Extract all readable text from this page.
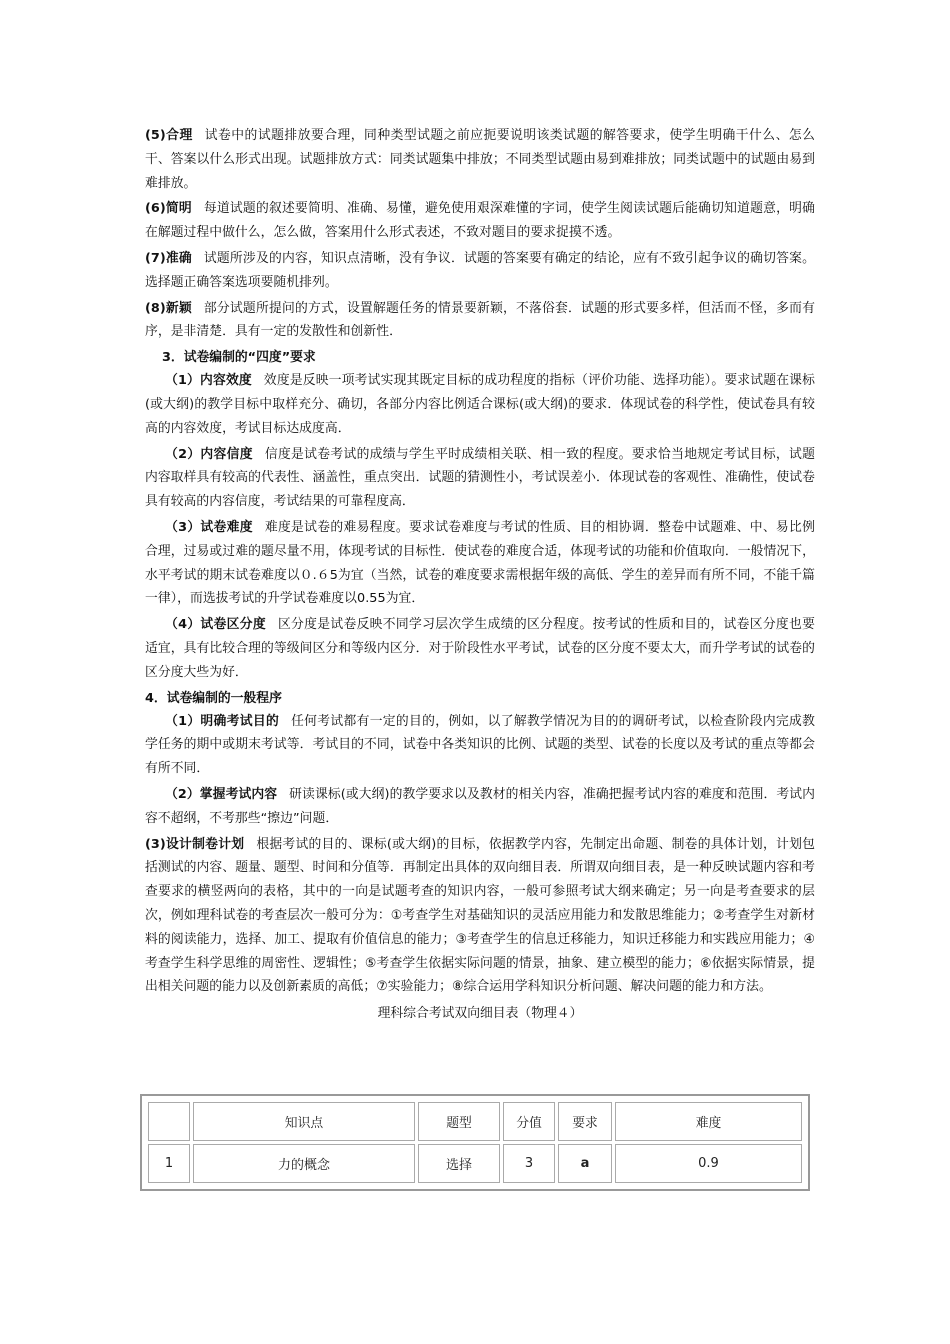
(5)合理 试卷中的试题排放要合理，同种类型试题之前应扼要说明该类试题的解答要求，使学生明确干什么、怎么干、答案以什么形式出现。试题排放方式：同类试题集中排放；不同类型试题由易到难排放；同类试题中的试题由易到难排放。

(6)简明 每道试题的叙述要简明、准确、易懂，避免使用艰深难懂的字词，使学生阅读试题后能确切知道题意，明确在解题过程中做什么，怎么做，答案用什么形式表述，不致对题目的要求捉摸不透。

(7)准确 试题所涉及的内容，知识点清晰，没有争议．试题的答案要有确定的结论，应有不致引起争议的确切答案。选择题正确答案选项要随机排列。

(8)新颖 部分试题所提问的方式，设置解题任务的情景要新颖，不落俗套．试题的形式要多样，但活而不怪，多而有序，是非清楚．具有一定的发散性和创新性．

3．试卷编制的“四度”要求

（1）内容效度 效度是反映一项考试实现其既定目标的成功程度的指标（评价功能、选择功能）。要求试题在课标(或大纲)的教学目标中取样充分、确切，各部分内容比例适合课标(或大纲)的要求．体现试卷的科学性，使试卷具有较高的内容效度，考试目标达成度高．

（2）内容信度 信度是试卷考试的成绩与学生平时成绩相关联、相一致的程度。要求恰当地规定考试目标，试题内容取样具有较高的代表性、涵盖性，重点突出．试题的猜测性小，考试误差小．体现试卷的客观性、准确性，使试卷具有较高的内容信度，考试结果的可靠程度高．

（3）试卷难度 难度是试卷的难易程度。要求试卷难度与考试的性质、目的相协调．整卷中试题难、中、易比例合理，过易或过难的题尽量不用，体现考试的目标性．使试卷的难度合适，体现考试的功能和价值取向．一般情况下，水平考试的期末试卷难度以０.６5为宜（当然，试卷的难度要求需根据年级的高低、学生的差异而有所不同，不能千篇一律），而选拔考试的升学试卷难度以0.55为宜．

（4）试卷区分度 区分度是试卷反映不同学习层次学生成绩的区分程度。按考试的性质和目的，试卷区分度也要适宜，具有比较合理的等级间区分和等级内区分．对于阶段性水平考试，试卷的区分度不要太大，而升学考试的试卷的区分度大些为好．

4．试卷编制的一般程序

（1）明确考试目的 任何考试都有一定的目的，例如，以了解教学情况为目的的调研考试，以检查阶段内完成教学任务的期中或期末考试等．考试目的不同，试卷中各类知识的比例、试题的类型、试卷的长度以及考试的重点等都会有所不同．

（2）掌握考试内容 研读课标(或大纲)的教学要求以及教材的相关内容，准确把握考试内容的难度和范围．考试内容不超纲，不考那些“擦边”问题．

(3)设计制卷计划 根据考试的目的、课标(或大纲)的目标，依据教学内容，先制定出命题、制卷的具体计划，计划包括测试的内容、题量、题型、时间和分值等．再制定出具体的双向细目表．所谓双向细目表，是一种反映试题内容和考查要求的横竖两向的表格，其中的一向是试题考查的知识内容，一般可参照考试大纲来确定；另一向是考查要求的层次，例如理科试卷的考查层次一般可分为：①考查学生对基础知识的灵活应用能力和发散思维能力；②考查学生对新材料的阅读能力，选择、加工、提取有价值信息的能力；③考查学生的信息迁移能力，知识迁移能力和实践应用能力；④考查学生科学思维的周密性、逻辑性；⑤考查学生依据实际问题的情景，抽象、建立模型的能力；⑥依据实际情景，提出相关问题的能力以及创新素质的高低；⑦实验能力；⑧综合运用学科知识分析问题、解决问题的能力和方法。

理科综合考试双向细目表（物理４）

	知识点	题型	分值	要求	难度
1	力的概念	选择	3	a	0.9
